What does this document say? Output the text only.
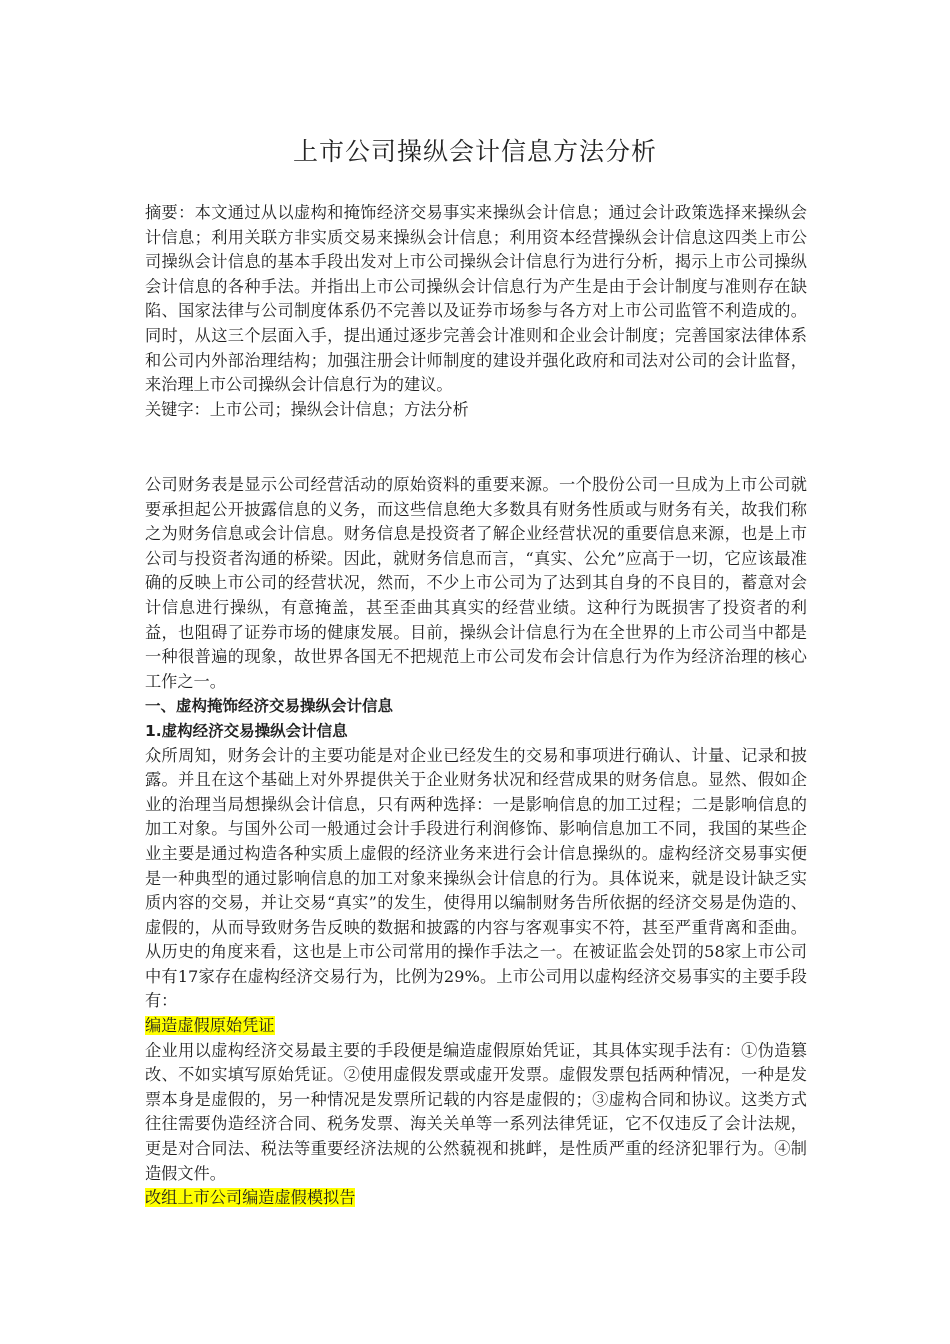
上市公司操纵会计信息方法分析

摘要：本文通过从以虚构和掩饰经济交易事实来操纵会计信息；通过会计政策选择来操纵会计信息；利用关联方非实质交易来操纵会计信息；利用资本经营操纵会计信息这四类上市公司操纵会计信息的基本手段出发对上市公司操纵会计信息行为进行分析，揭示上市公司操纵会计信息的各种手法。并指出上市公司操纵会计信息行为产生是由于会计制度与准则存在缺陷、国家法律与公司制度体系仍不完善以及证券市场参与各方对上市公司监管不利造成的。同时，从这三个层面入手，提出通过逐步完善会计准则和企业会计制度；完善国家法律体系和公司内外部治理结构；加强注册会计师制度的建设并强化政府和司法对公司的会计监督，来治理上市公司操纵会计信息行为的建议。

关键字：上市公司；操纵会计信息；方法分析

公司财务表是显示公司经营活动的原始资料的重要来源。一个股份公司一旦成为上市公司就要承担起公开披露信息的义务，而这些信息绝大多数具有财务性质或与财务有关，故我们称之为财务信息或会计信息。财务信息是投资者了解企业经营状况的重要信息来源，也是上市公司与投资者沟通的桥梁。因此，就财务信息而言，“真实、公允”应高于一切，它应该最准确的反映上市公司的经营状况，然而，不少上市公司为了达到其自身的不良目的，蓄意对会计信息进行操纵，有意掩盖，甚至歪曲其真实的经营业绩。这种行为既损害了投资者的利益，也阻碍了证券市场的健康发展。目前，操纵会计信息行为在全世界的上市公司当中都是一种很普遍的现象，故世界各国无不把规范上市公司发布会计信息行为作为经济治理的核心工作之一。

一、虚构掩饰经济交易操纵会计信息

1.虚构经济交易操纵会计信息

众所周知，财务会计的主要功能是对企业已经发生的交易和事项进行确认、计量、记录和披露。并且在这个基础上对外界提供关于企业财务状况和经营成果的财务信息。显然、假如企业的治理当局想操纵会计信息，只有两种选择：一是影响信息的加工过程；二是影响信息的加工对象。与国外公司一般通过会计手段进行利润修饰、影响信息加工不同，我国的某些企业主要是通过构造各种实质上虚假的经济业务来进行会计信息操纵的。虚构经济交易事实便是一种典型的通过影响信息的加工对象来操纵会计信息的行为。具体说来，就是设计缺乏实质内容的交易，并让交易“真实”的发生，使得用以编制财务告所依据的经济交易是伪造的、虚假的，从而导致财务告反映的数据和披露的内容与客观事实不符，甚至严重背离和歪曲。从历史的角度来看，这也是上市公司常用的操作手法之一。在被证监会处罚的58家上市公司中有17家存在虚构经济交易行为，比例为29%。上市公司用以虚构经济交易事实的主要手段有：

编造虚假原始凭证

企业用以虚构经济交易最主要的手段便是编造虚假原始凭证，其具体实现手法有：①伪造篡改、不如实填写原始凭证。②使用虚假发票或虚开发票。虚假发票包括两种情况，一种是发票本身是虚假的，另一种情况是发票所记载的内容是虚假的；③虚构合同和协议。这类方式往往需要伪造经济合同、税务发票、海关关单等一系列法律凭证，它不仅违反了会计法规，更是对合同法、税法等重要经济法规的公然藐视和挑衅，是性质严重的经济犯罪行为。④制造假文件。

改组上市公司编造虚假模拟告
